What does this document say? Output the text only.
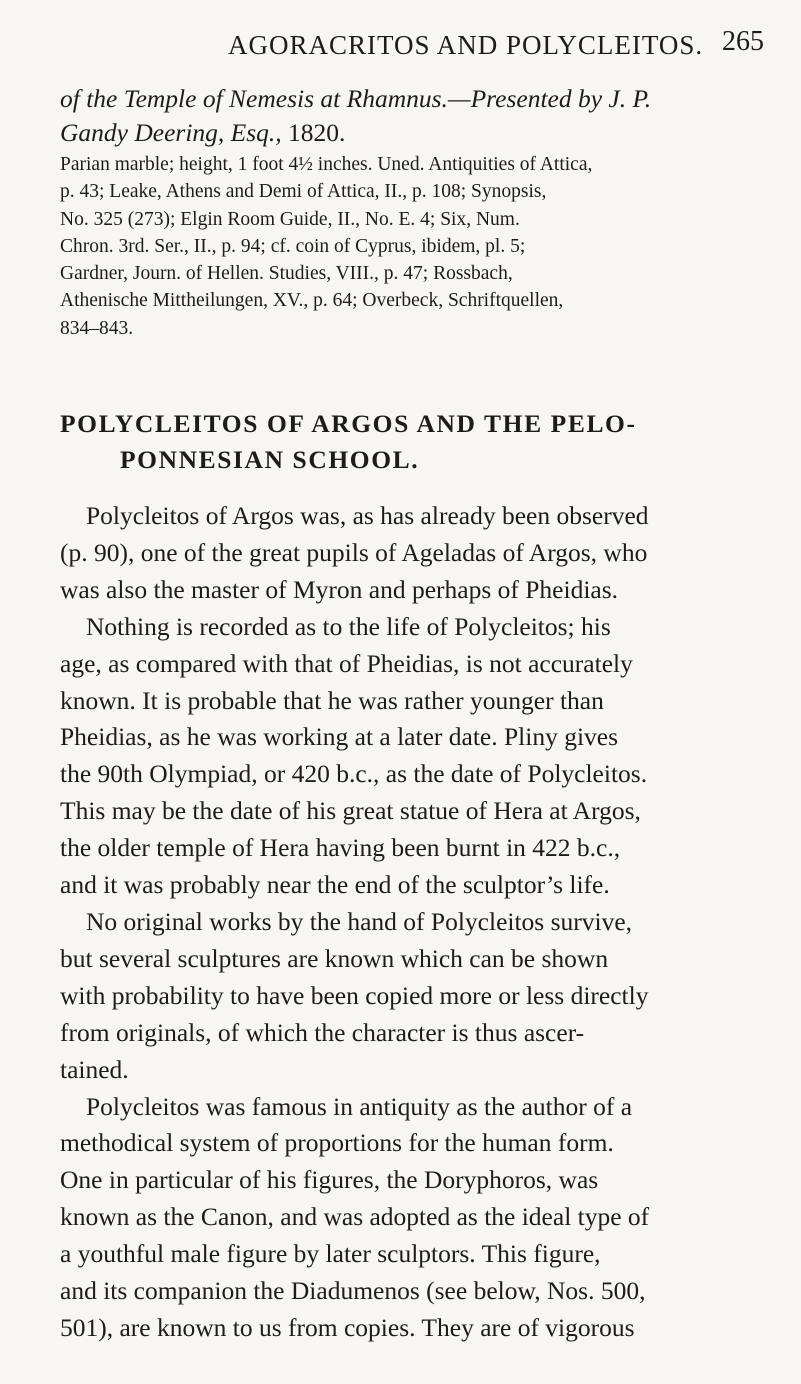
AGORACRITOS AND POLYCLEITOS. 265
of the Temple of Nemesis at Rhamnus.—Presented by J. P.
Gandy Deering, Esq., 1820.
Parian marble; height, 1 foot 4½ inches. Uned. Antiquities of Attica,
p. 43; Leake, Athens and Demi of Attica, II., p. 108; Synopsis,
No. 325 (273); Elgin Room Guide, II., No. E. 4; Six, Num.
Chron. 3rd. Ser., II., p. 94; cf. coin of Cyprus, ibidem, pl. 5;
Gardner, Journ. of Hellen. Studies, VIII., p. 47; Rossbach,
Athenische Mittheilungen, XV., p. 64; Overbeck, Schriftquellen,
834–843.
POLYCLEITOS OF ARGOS AND THE PELO-
PONNESIAN SCHOOL.
Polycleitos of Argos was, as has already been observed
(p. 90), one of the great pupils of Ageladas of Argos, who
was also the master of Myron and perhaps of Pheidias.
Nothing is recorded as to the life of Polycleitos; his
age, as compared with that of Pheidias, is not accurately
known. It is probable that he was rather younger than
Pheidias, as he was working at a later date. Pliny gives
the 90th Olympiad, or 420 b.c., as the date of Polycleitos.
This may be the date of his great statue of Hera at Argos,
the older temple of Hera having been burnt in 422 b.c.,
and it was probably near the end of the sculptor’s life.
No original works by the hand of Polycleitos survive,
but several sculptures are known which can be shown
with probability to have been copied more or less directly
from originals, of which the character is thus ascer-
tained.
Polycleitos was famous in antiquity as the author of a
methodical system of proportions for the human form.
One in particular of his figures, the Doryphoros, was
known as the Canon, and was adopted as the ideal type of
a youthful male figure by later sculptors. This figure,
and its companion the Diadumenos (see below, Nos. 500,
501), are known to us from copies. They are of vigorous
